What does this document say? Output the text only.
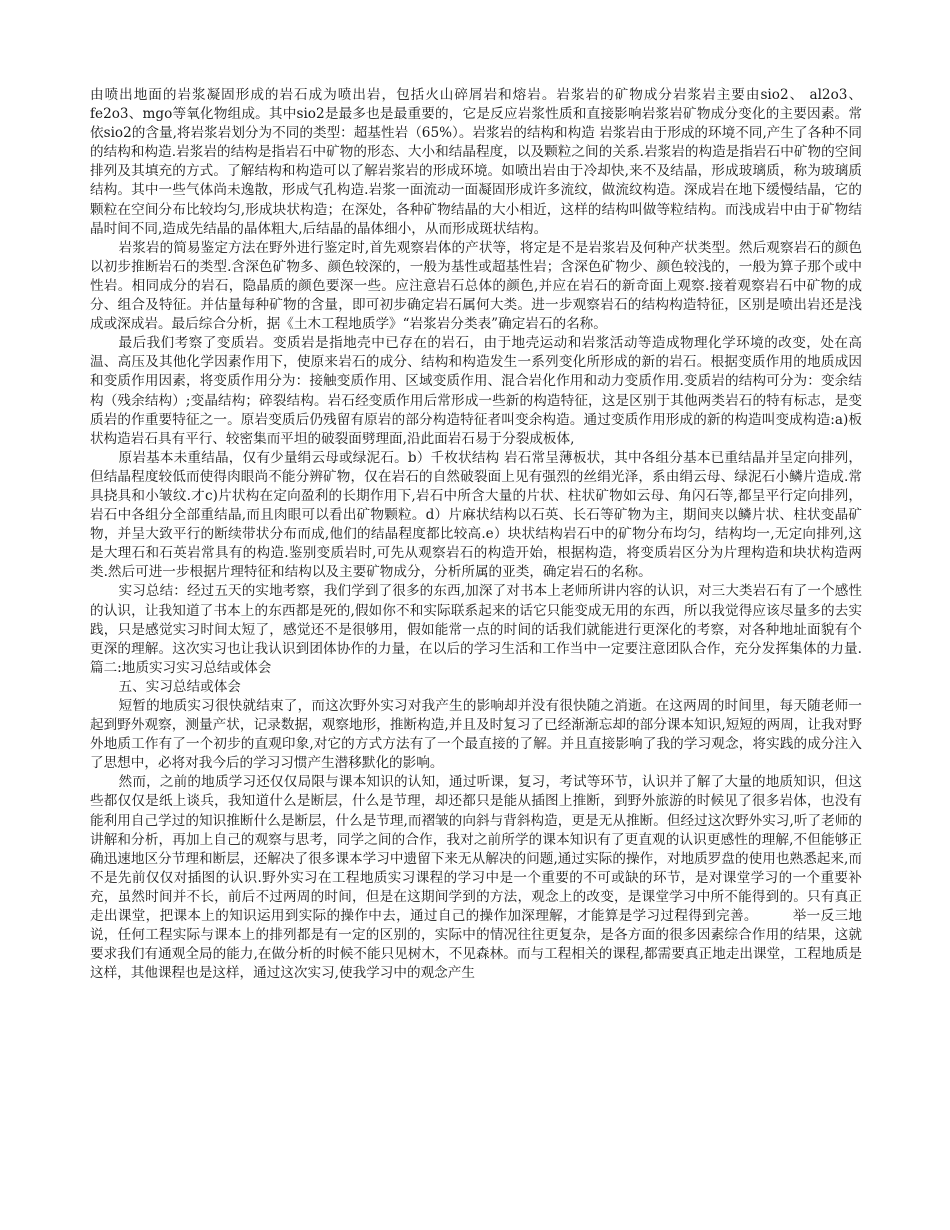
由喷出地面的岩浆凝固形成的岩石成为喷出岩，包括火山碎屑岩和熔岩。岩浆岩的矿物成分岩浆岩主要由sio2、 al2o3、fe2o3、mgo等氧化物组成。其中sio2是最多也是最重要的，它是反应岩浆性质和直接影响岩浆岩矿物成分变化的主要因素。常依sio2的含量,将岩浆岩划分为不同的类型：超基性岩（65%）。岩浆岩的结构和构造 岩浆岩由于形成的环境不同,产生了各种不同的结构和构造.岩浆岩的结构是指岩石中矿物的形态、大小和结晶程度，以及颗粒之间的关系.岩浆岩的构造是指岩石中矿物的空间排列及其填充的方式。了解结构和构造可以了解岩浆岩的形成环境。如喷出岩由于冷却快,来不及结晶，形成玻璃质，称为玻璃质结构。其中一些气体尚未逸散，形成气孔构造.岩浆一面流动一面凝固形成许多流纹，做流纹构造。深成岩在地下缓慢结晶，它的颗粒在空间分布比较均匀,形成块状构造；在深处，各种矿物结晶的大小相近，这样的结构叫做等粒结构。而浅成岩中由于矿物结晶时间不同,造成先结晶的晶体粗大,后结晶的晶体细小，从而形成斑状结构。

岩浆岩的简易鉴定方法在野外进行鉴定时,首先观察岩体的产状等，将定是不是岩浆岩及何种产状类型。然后观察岩石的颜色以初步推断岩石的类型.含深色矿物多、颜色较深的，一般为基性或超基性岩；含深色矿物少、颜色较浅的，一般为算子那个或中性岩。相同成分的岩石，隐晶质的颜色要深一些。应注意岩石总体的颜色,并应在岩石的新奇面上观察.接着观察岩石中矿物的成分、组合及特征。并估量每种矿物的含量，即可初步确定岩石属何大类。进一步观察岩石的结构构造特征，区别是喷出岩还是浅成或深成岩。最后综合分析，据《土木工程地质学》“岩浆岩分类表”确定岩石的名称。

最后我们考察了变质岩。变质岩是指地壳中已存在的岩石，由于地壳运动和岩浆活动等造成物理化学环境的改变，处在高温、高压及其他化学因素作用下，使原来岩石的成分、结构和构造发生一系列变化所形成的新的岩石。根据变质作用的地质成因和变质作用因素，将变质作用分为：接触变质作用、区域变质作用、混合岩化作用和动力变质作用.变质岩的结构可分为：变余结构（残余结构）;变晶结构；碎裂结构。岩石经变质作用后常形成一些新的构造特征，这是区别于其他两类岩石的特有标志，是变质岩的作重要特征之一。原岩变质后仍残留有原岩的部分构造特征者叫变余构造。通过变质作用形成的新的构造叫变成构造:a)板状构造岩石具有平行、较密集而平坦的破裂面劈理面,沿此面岩石易于分裂成板体,

原岩基本未重结晶，仅有少量绢云母或绿泥石。b）千枚状结构 岩石常呈薄板状，其中各组分基本已重结晶并呈定向排列，但结晶程度较低而使得肉眼尚不能分辨矿物，仅在岩石的自然破裂面上见有强烈的丝绢光泽，系由绢云母、绿泥石小鳞片造成.常具挠具和小皱纹.才c)片状构在定向盈利的长期作用下,岩石中所含大量的片状、柱状矿物如云母、角闪石等,都呈平行定向排列，岩石中各组分全部重结晶,而且肉眼可以看出矿物颗粒。d）片麻状结构以石英、长石等矿物为主，期间夹以鳞片状、柱状变晶矿物，并呈大致平行的断续带状分布而成,他们的结晶程度都比较高.e）块状结构岩石中的矿物分布均匀，结构均一,无定向排列,这是大理石和石英岩常具有的构造.鉴别变质岩时,可先从观察岩石的构造开始，根据构造，将变质岩区分为片理构造和块状构造两类.然后可进一步根据片理特征和结构以及主要矿物成分，分析所属的亚类，确定岩石的名称。

实习总结：经过五天的实地考察，我们学到了很多的东西,加深了对书本上老师所讲内容的认识，对三大类岩石有了一个感性的认识，让我知道了书本上的东西都是死的,假如你不和实际联系起来的话它只能变成无用的东西，所以我觉得应该尽量多的去实践，只是感觉实习时间太短了，感觉还不是很够用，假如能常一点的时间的话我们就能进行更深化的考察，对各种地址面貌有个更深的理解。这次实习也让我认识到团体协作的力量，在以后的学习生活和工作当中一定要注意团队合作，充分发挥集体的力量.篇二:地质实习实习总结或体会

五、实习总结或体会

短暂的地质实习很快就结束了，而这次野外实习对我产生的影响却并没有很快随之消逝。在这两周的时间里，每天随老师一起到野外观察，测量产状，记录数据，观察地形，推断构造,并且及时复习了已经渐渐忘却的部分课本知识,短短的两周，让我对野外地质工作有了一个初步的直观印象,对它的方式方法有了一个最直接的了解。并且直接影响了我的学习观念，将实践的成分注入了思想中，必将对我今后的学习习惯产生潜移默化的影响。

然而，之前的地质学习还仅仅局限与课本知识的认知，通过听课，复习，考试等环节，认识并了解了大量的地质知识，但这些都仅仅是纸上谈兵，我知道什么是断层，什么是节理，却还都只是能从插图上推断，到野外旅游的时候见了很多岩体，也没有能利用自己学过的知识推断什么是断层，什么是节理,而褶皱的向斜与背斜构造，更是无从推断。但经过这次野外实习,听了老师的讲解和分析，再加上自己的观察与思考，同学之间的合作，我对之前所学的课本知识有了更直观的认识更感性的理解,不但能够正确迅速地区分节理和断层，还解决了很多课本学习中遗留下来无从解决的问题,通过实际的操作，对地质罗盘的使用也熟悉起来,而不是先前仅仅对插图的认识.野外实习在工程地质实习课程的学习中是一个重要的不可或缺的环节，是对课堂学习的一个重要补充，虽然时间并不长，前后不过两周的时间，但是在这期间学到的方法，观念上的改变，是课堂学习中所不能得到的。只有真正走出课堂，把课本上的知识运用到实际的操作中去，通过自己的操作加深理解，才能算是学习过程得到完善。　　　举一反三地说，任何工程实际与课本上的排列都是有一定的区别的，实际中的情况往往更复杂，是各方面的很多因素综合作用的结果，这就要求我们有通观全局的能力,在做分析的时候不能只见树木，不见森林。而与工程相关的课程,都需要真正地走出课堂，工程地质是这样，其他课程也是这样，通过这次实习,使我学习中的观念产生
